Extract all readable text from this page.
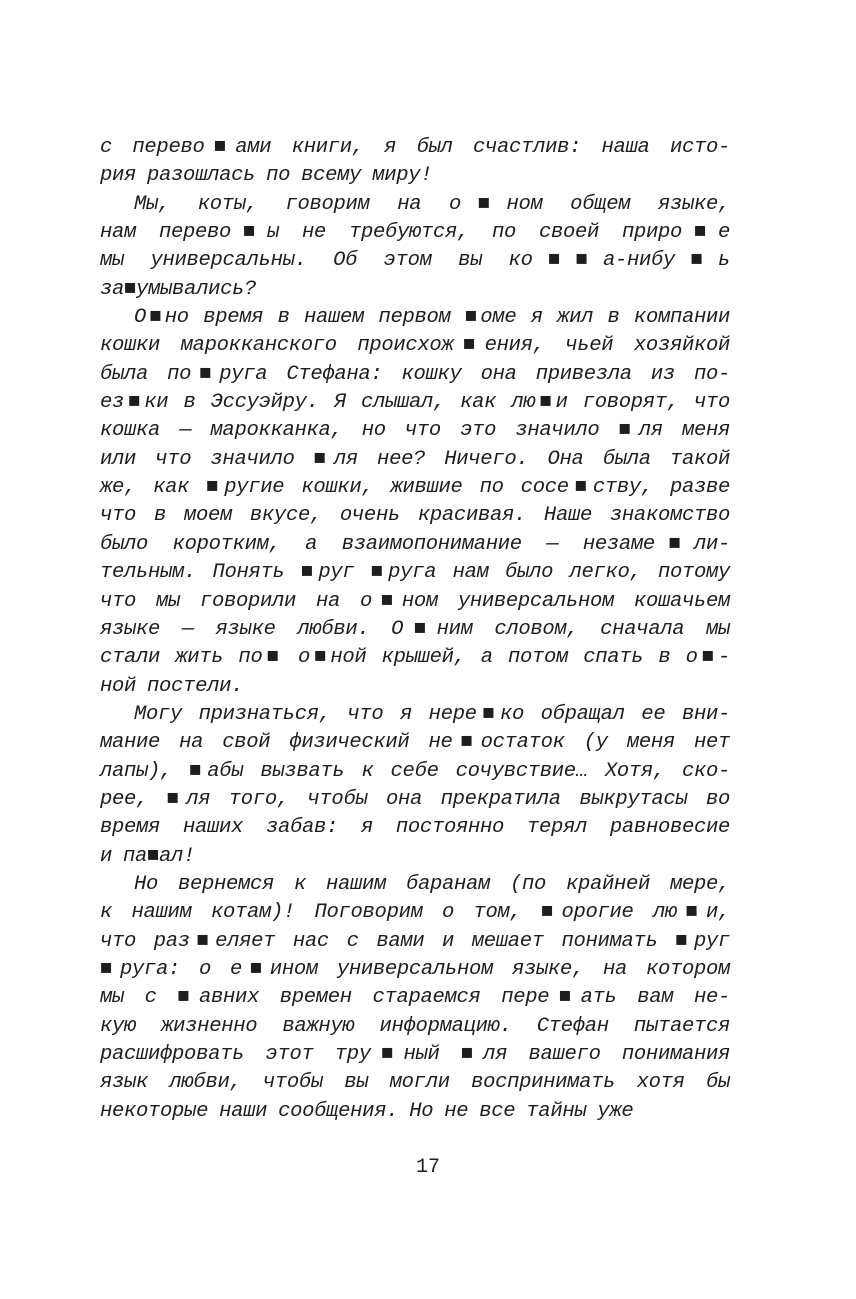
с перево■ами книги, я был счастлив: наша исто-
рия разошлась по всему миру!

Мы, коты, говорим на о■ном общем языке,
нам перево■ы не требуются, по своей приро■е
мы универсальны. Об этом вы ко■■а-нибу■ь
за■умывались?

О■но время в нашем первом ■оме я жил в компании
кошки марокканского происхож■ения, чьей хозяйкой
была по■руга Стефана: кошку она привезла из по-
ез■ки в Эссуэйру. Я слышал, как лю■и говорят, что
кошка — марокканка, но что это значило ■ля меня
или что значило ■ля нее? Ничего. Она была такой
же, как ■ругие кошки, жившие по сосе■ству, разве
что в моем вкусе, очень красивая. Наше знакомство
было коротким, а взаимопонимание — незаме■ли-
тельным. Понять ■руг ■руга нам было легко, потому
что мы говорили на о■ном универсальном кошачьем
языке — языке любви. О■ним словом, сначала мы
стали жить по■ о■ной крышей, а потом спать в о■-
ной постели.

Могу признаться, что я нере■ко обращал ее вни-
мание на свой физический не■остаток (у меня нет
лапы), ■абы вызвать к себе сочувствие… Хотя, ско-
рее, ■ля того, чтобы она прекратила выкрутасы во
время наших забав: я постоянно терял равновесие
и па■ал!

Но вернемся к нашим баранам (по крайней мере,
к нашим котам)! Поговорим о том, ■орогие лю■и,
что раз■еляет нас с вами и мешает понимать ■руг
■руга: о е■ином универсальном языке, на котором
мы с ■авних времен стараемся пере■ать вам не-
кую жизненно важную информацию. Стефан пытается
расшифровать этот тру■ный ■ля вашего понимания
язык любви, чтобы вы могли воспринимать хотя бы
некоторые наши сообщения. Но не все тайны уже

17
